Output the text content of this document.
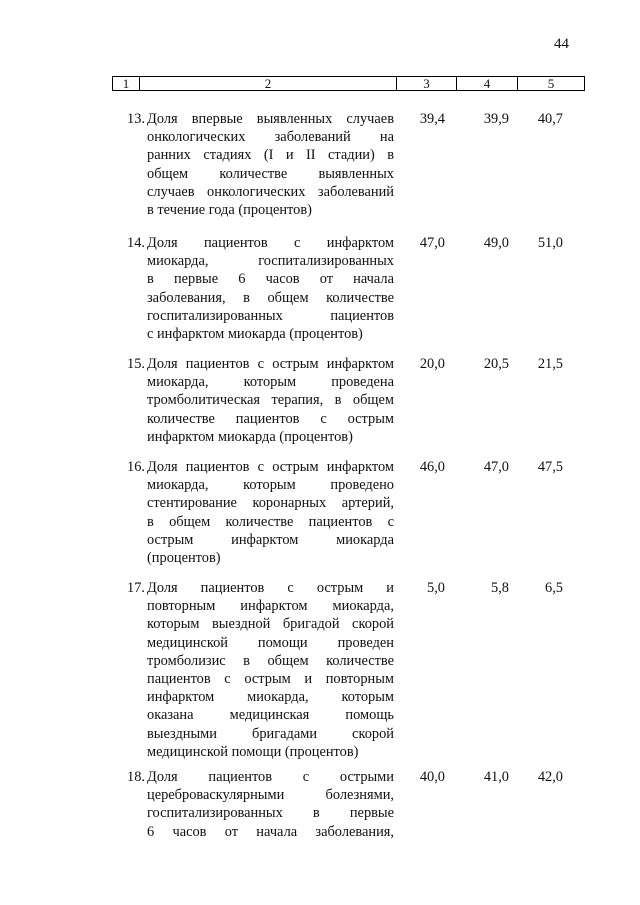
44
1	2	3	4	5
13. Доля впервые выявленных случаев
онкологических заболеваний на
ранних стадиях (I и II стадии) в
общем количестве выявленных
случаев онкологических заболеваний
в течение года (процентов)
39,4	39,9	40,7
14. Доля пациентов с инфарктом
миокарда, госпитализированных
в первые 6 часов от начала
заболевания, в общем количестве
госпитализированных пациентов
с инфарктом миокарда (процентов)
47,0	49,0	51,0
15. Доля пациентов с острым инфарктом
миокарда, которым проведена
тромболитическая терапия, в общем
количестве пациентов с острым
инфарктом миокарда (процентов)
20,0	20,5	21,5
16. Доля пациентов с острым инфарктом
миокарда, которым проведено
стентирование коронарных артерий,
в общем количестве пациентов с
острым инфарктом миокарда
(процентов)
46,0	47,0	47,5
17. Доля пациентов с острым и
повторным инфарктом миокарда,
которым выездной бригадой скорой
медицинской помощи проведен
тромболизис в общем количестве
пациентов с острым и повторным
инфарктом миокарда, которым
оказана медицинская помощь
выездными бригадами скорой
медицинской помощи (процентов)
5,0	5,8	6,5
18. Доля пациентов с острыми
цереброваскулярными болезнями,
госпитализированных в первые
6 часов от начала заболевания,
40,0	41,0	42,0
